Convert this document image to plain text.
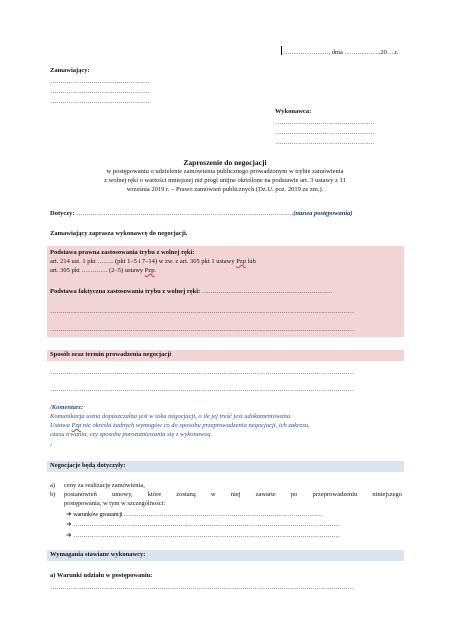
…………………, dnia ……………..20….r.
Zamawiający:
…………………………………………
…………………………………………
…………………………………………
Wykonawca:
…………………………………………
…………………………………………
…………………………………………
Zaproszenie do negocjacji
w postępowaniu o udzielenie zamówienia publicznego prowadzonym w trybie zamówienia
z wolnej ręki o wartości mniejszej niż progi unijne określone na podstawie art. 3 ustawy z 11
września 2019 r. – Prawo zamówień publicznych (Dz.U. poz. 2019 ze zm.).
Dotyczy: ……………………………………………………………………………………………(nazwa postępowania)
Zamawiający zaprasza wykonawcę do negocjacji.
Podstawa prawna zastosowania trybu z wolnej ręki:
art. 214 ust. 1 pkt …….. (pkt 1–5 i 7–14) w zw. z art. 305 pkt 1 ustawy Pzp lub
art. 305 pkt ………… (2–5) ustawy Pzp.
Podstawa faktyczna zastosowania trybu z wolnej ręki: ………………………………………………………
…………………………………………………………………………………………………………………………………
…………………………………………………………………………………………………………………………………
Sposób oraz termin prowadzenia negocjacji
…………………………………………………………………………………………………………………………………
…………………………………………………………………………………………………………………………………
/Komentarz:
Komunikacja ustna dopuszczalna jest w toku negocjacji, o ile jej treść jest udokumentowana.
Ustawa Pzp nie określa żadnych wymogów co do sposobu przeprowadzenia negocjacji, ich zakresu,
czasu trwania, czy sposobu porozumiewania się z wykonawcą.
/
Negocjacje będą dotyczyły:
a) ceny za realizację zamówienia,
b) postanowień umowy, które zostaną w niej zawarte po przeprowadzeniu niniejszego
postępowania, w tym w szczególności:
➔ warunków gwarancji ……………………………………………………………………………………
➔ …………………………………………………………………………………………………………………
➔ …………………………………………………………………………………………………………………
Wymagania stawiane wykonawcy:
a) Warunki udziału w postępowaniu:
…………………………………………………………………………………………………………………………………
